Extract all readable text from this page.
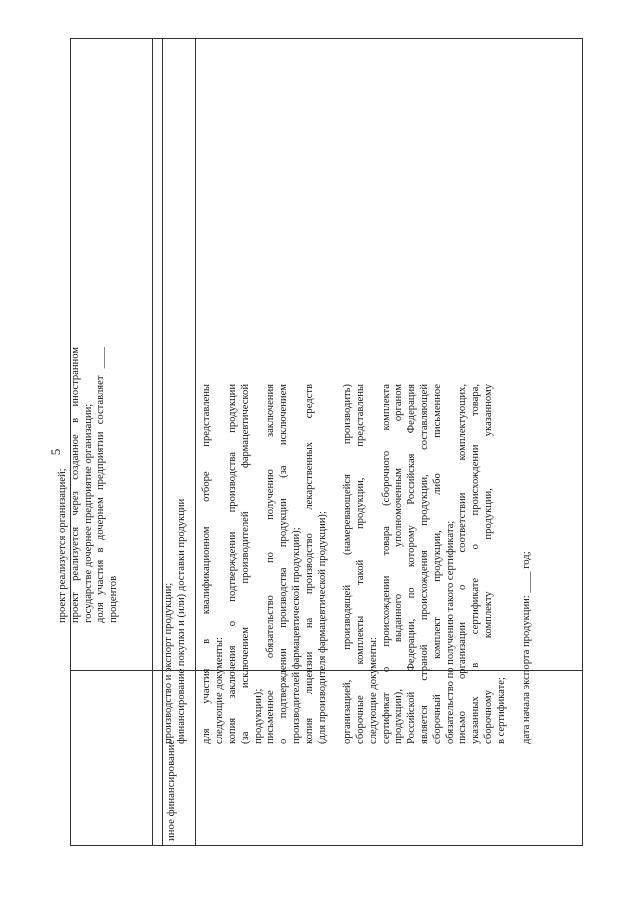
5
проект реализуется организацией; проект реализуется через созданное в иностранном государстве дочернее предприятие организации; доля участия в дочернем предприятии составляет ____ процентов
иное финансирование
производство и экспорт продукции; финансирование покупки и (или) доставки продукции для участия в квалификационном отборе представлены следующие документы: копия заключения о подтверждении производства продукции (за исключением производителей фармацевтической продукции); письменное обязательство по получению заключения о подтверждении производства продукции (за исключением производителей фармацевтической продукции); копия лицензии на производство лекарственных средств (для производителя фармацевтической продукции); организацией, производящей (намеревающейся производить) сборочные комплекты такой продукции, представлены следующие документы: сертификат о происхождении товара (сборочного комплекта продукции), выданного уполномоченным органом Российской Федерации, по которому Российская Федерация является страной происхождения продукции, составляющей сборочный комплект продукции, либо письменное обязательство по получению такого сертификата; письмо организации о соответствии комплектующих, указанных в сертификате о происхождении товара, сборочному комплекту продукции, указанному в сертификате; дата начала экспорта продукции: ____ год;
